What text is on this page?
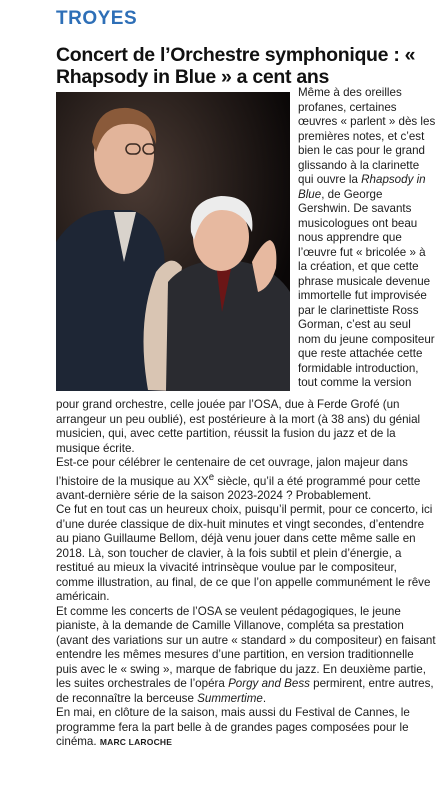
TROYES
Concert de l’Orchestre symphonique : « Rhapsody in Blue » a cent ans
Même à des oreilles profanes, certaines œuvres « parlent » dès les premières notes, et c’est bien le cas pour le grand glissando à la clarinette qui ouvre la Rhapsody in Blue, de George Gershwin. De savants musicologues ont beau nous apprendre que l’œuvre fut « bricolée » à la création, et que cette phrase musicale devenue immortelle fut improvisée par le clarinettiste Ross Gorman, c’est au seul nom du jeune compositeur que reste attachée cette formidable introduction, tout comme la version

pour grand orchestre, celle jouée par l’OSA, due à Ferde Grofé (un arrangeur un peu oublié), est postérieure à la mort (à 38 ans) du génial musicien, qui, avec cette partition, réussit la fusion du jazz et de la musique écrite.

Est-ce pour célébrer le centenaire de cet ouvrage, jalon majeur dans l’histoire de la musique au XXe siècle, qu’il a été programmé pour cette avant-dernière série de la saison 2023-2024 ? Probablement.

Ce fut en tout cas un heureux choix, puisqu’il permit, pour ce concerto, ici d’une durée classique de dix-huit minutes et vingt secondes, d’entendre au piano Guillaume Bellom, déjà venu jouer dans cette même salle en 2018. Là, son toucher de clavier, à la fois subtil et plein d’énergie, a restitué au mieux la vivacité intrinsèque voulue par le compositeur, comme illustration, au final, de ce que l’on appelle communément le rêve américain.

Et comme les concerts de l’OSA se veulent pédagogiques, le jeune pianiste, à la demande de Camille Villanove, compléta sa prestation (avant des variations sur un autre « standard » du compositeur) en faisant entendre les mêmes mesures d’une partition, en version traditionnelle puis avec le « swing », marque de fabrique du jazz. En deuxième partie, les suites orchestrales de l’opéra Porgy and Bess permirent, entre autres, de reconnaître la berceuse Summertime.

En mai, en clôture de la saison, mais aussi du Festival de Cannes, le programme fera la part belle à de grandes pages composées pour le cinéma. MARC LAROCHE
